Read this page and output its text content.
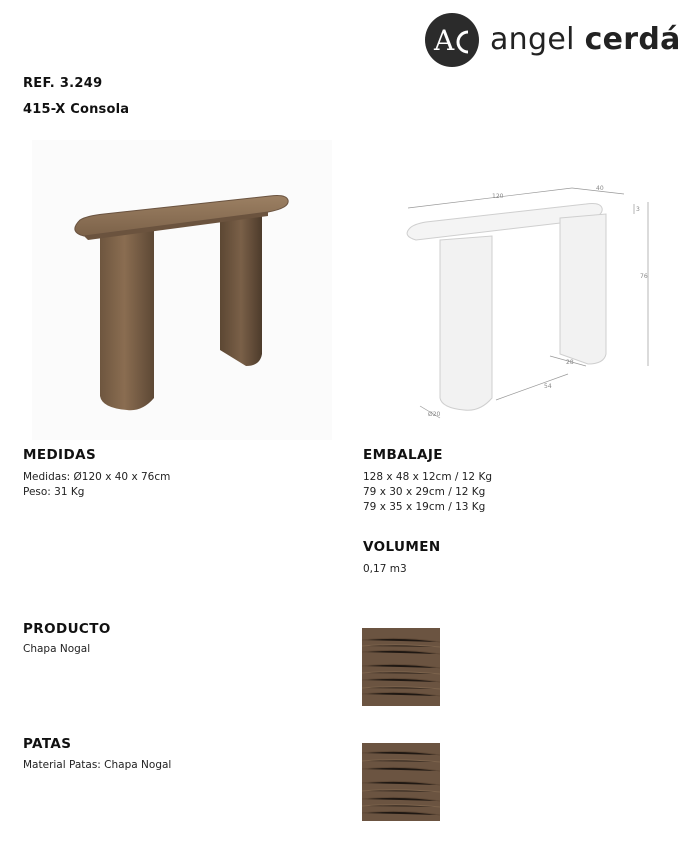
A angel cerdá
REF. 3.249
415-X Consola
120
40
3
76
28
54
Ø20
MEDIDAS
Medidas: Ø120 x 40 x 76cm
Peso: 31 Kg
EMBALAJE
128 x 48 x 12cm / 12 Kg
79 x 30 x 29cm / 12 Kg
79 x 35 x 19cm / 13 Kg
VOLUMEN
0,17 m3
PRODUCTO
Chapa Nogal
PATAS
Material Patas: Chapa Nogal
